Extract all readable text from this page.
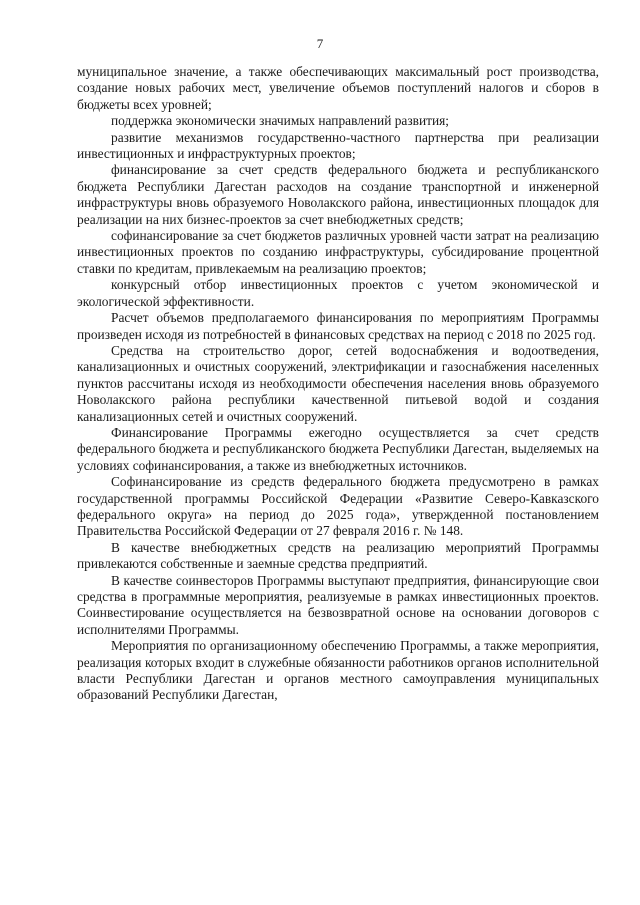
7

муниципальное значение, а также обеспечивающих максимальный рост производства, создание новых рабочих мест, увеличение объемов поступлений налогов и сборов в бюджеты всех уровней;

поддержка экономически значимых направлений развития;

развитие механизмов государственно-частного партнерства при реализации инвестиционных и инфраструктурных проектов;

финансирование за счет средств федерального бюджета и республиканского бюджета Республики Дагестан расходов на создание транспортной и инженерной инфраструктуры вновь образуемого Новолакского района, инвестиционных площадок для реализации на них бизнес-проектов за счет внебюджетных средств;

софинансирование за счет бюджетов различных уровней части затрат на реализацию инвестиционных проектов по созданию инфраструктуры, субсидирование процентной ставки по кредитам, привлекаемым на реализацию проектов;

конкурсный отбор инвестиционных проектов с учетом экономической и экологической эффективности.

Расчет объемов предполагаемого финансирования по мероприятиям Программы произведен исходя из потребностей в финансовых средствах на период с 2018 по 2025 год.

Средства на строительство дорог, сетей водоснабжения и водоотведения, канализационных и очистных сооружений, электрификации и газоснабжения населенных пунктов рассчитаны исходя из необходимости обеспечения населения вновь образуемого Новолакского района республики качественной питьевой водой и создания канализационных сетей и очистных сооружений.

Финансирование Программы ежегодно осуществляется за счет средств федерального бюджета и республиканского бюджета Республики Дагестан, выделяемых на условиях софинансирования, а также из внебюджетных источников.

Софинансирование из средств федерального бюджета предусмотрено в рамках государственной программы Российской Федерации «Развитие Северо-Кавказского федерального округа» на период до 2025 года», утвержденной постановлением Правительства Российской Федерации от 27 февраля 2016 г. № 148.

В качестве внебюджетных средств на реализацию мероприятий Программы привлекаются собственные и заемные средства предприятий.

В качестве соинвесторов Программы выступают предприятия, финансирующие свои средства в программные мероприятия, реализуемые в рамках инвестиционных проектов. Соинвестирование осуществляется на безвозвратной основе на основании договоров с исполнителями Программы.

Мероприятия по организационному обеспечению Программы, а также мероприятия, реализация которых входит в служебные обязанности работников органов исполнительной власти Республики Дагестан и органов местного самоуправления муниципальных образований Республики Дагестан,
